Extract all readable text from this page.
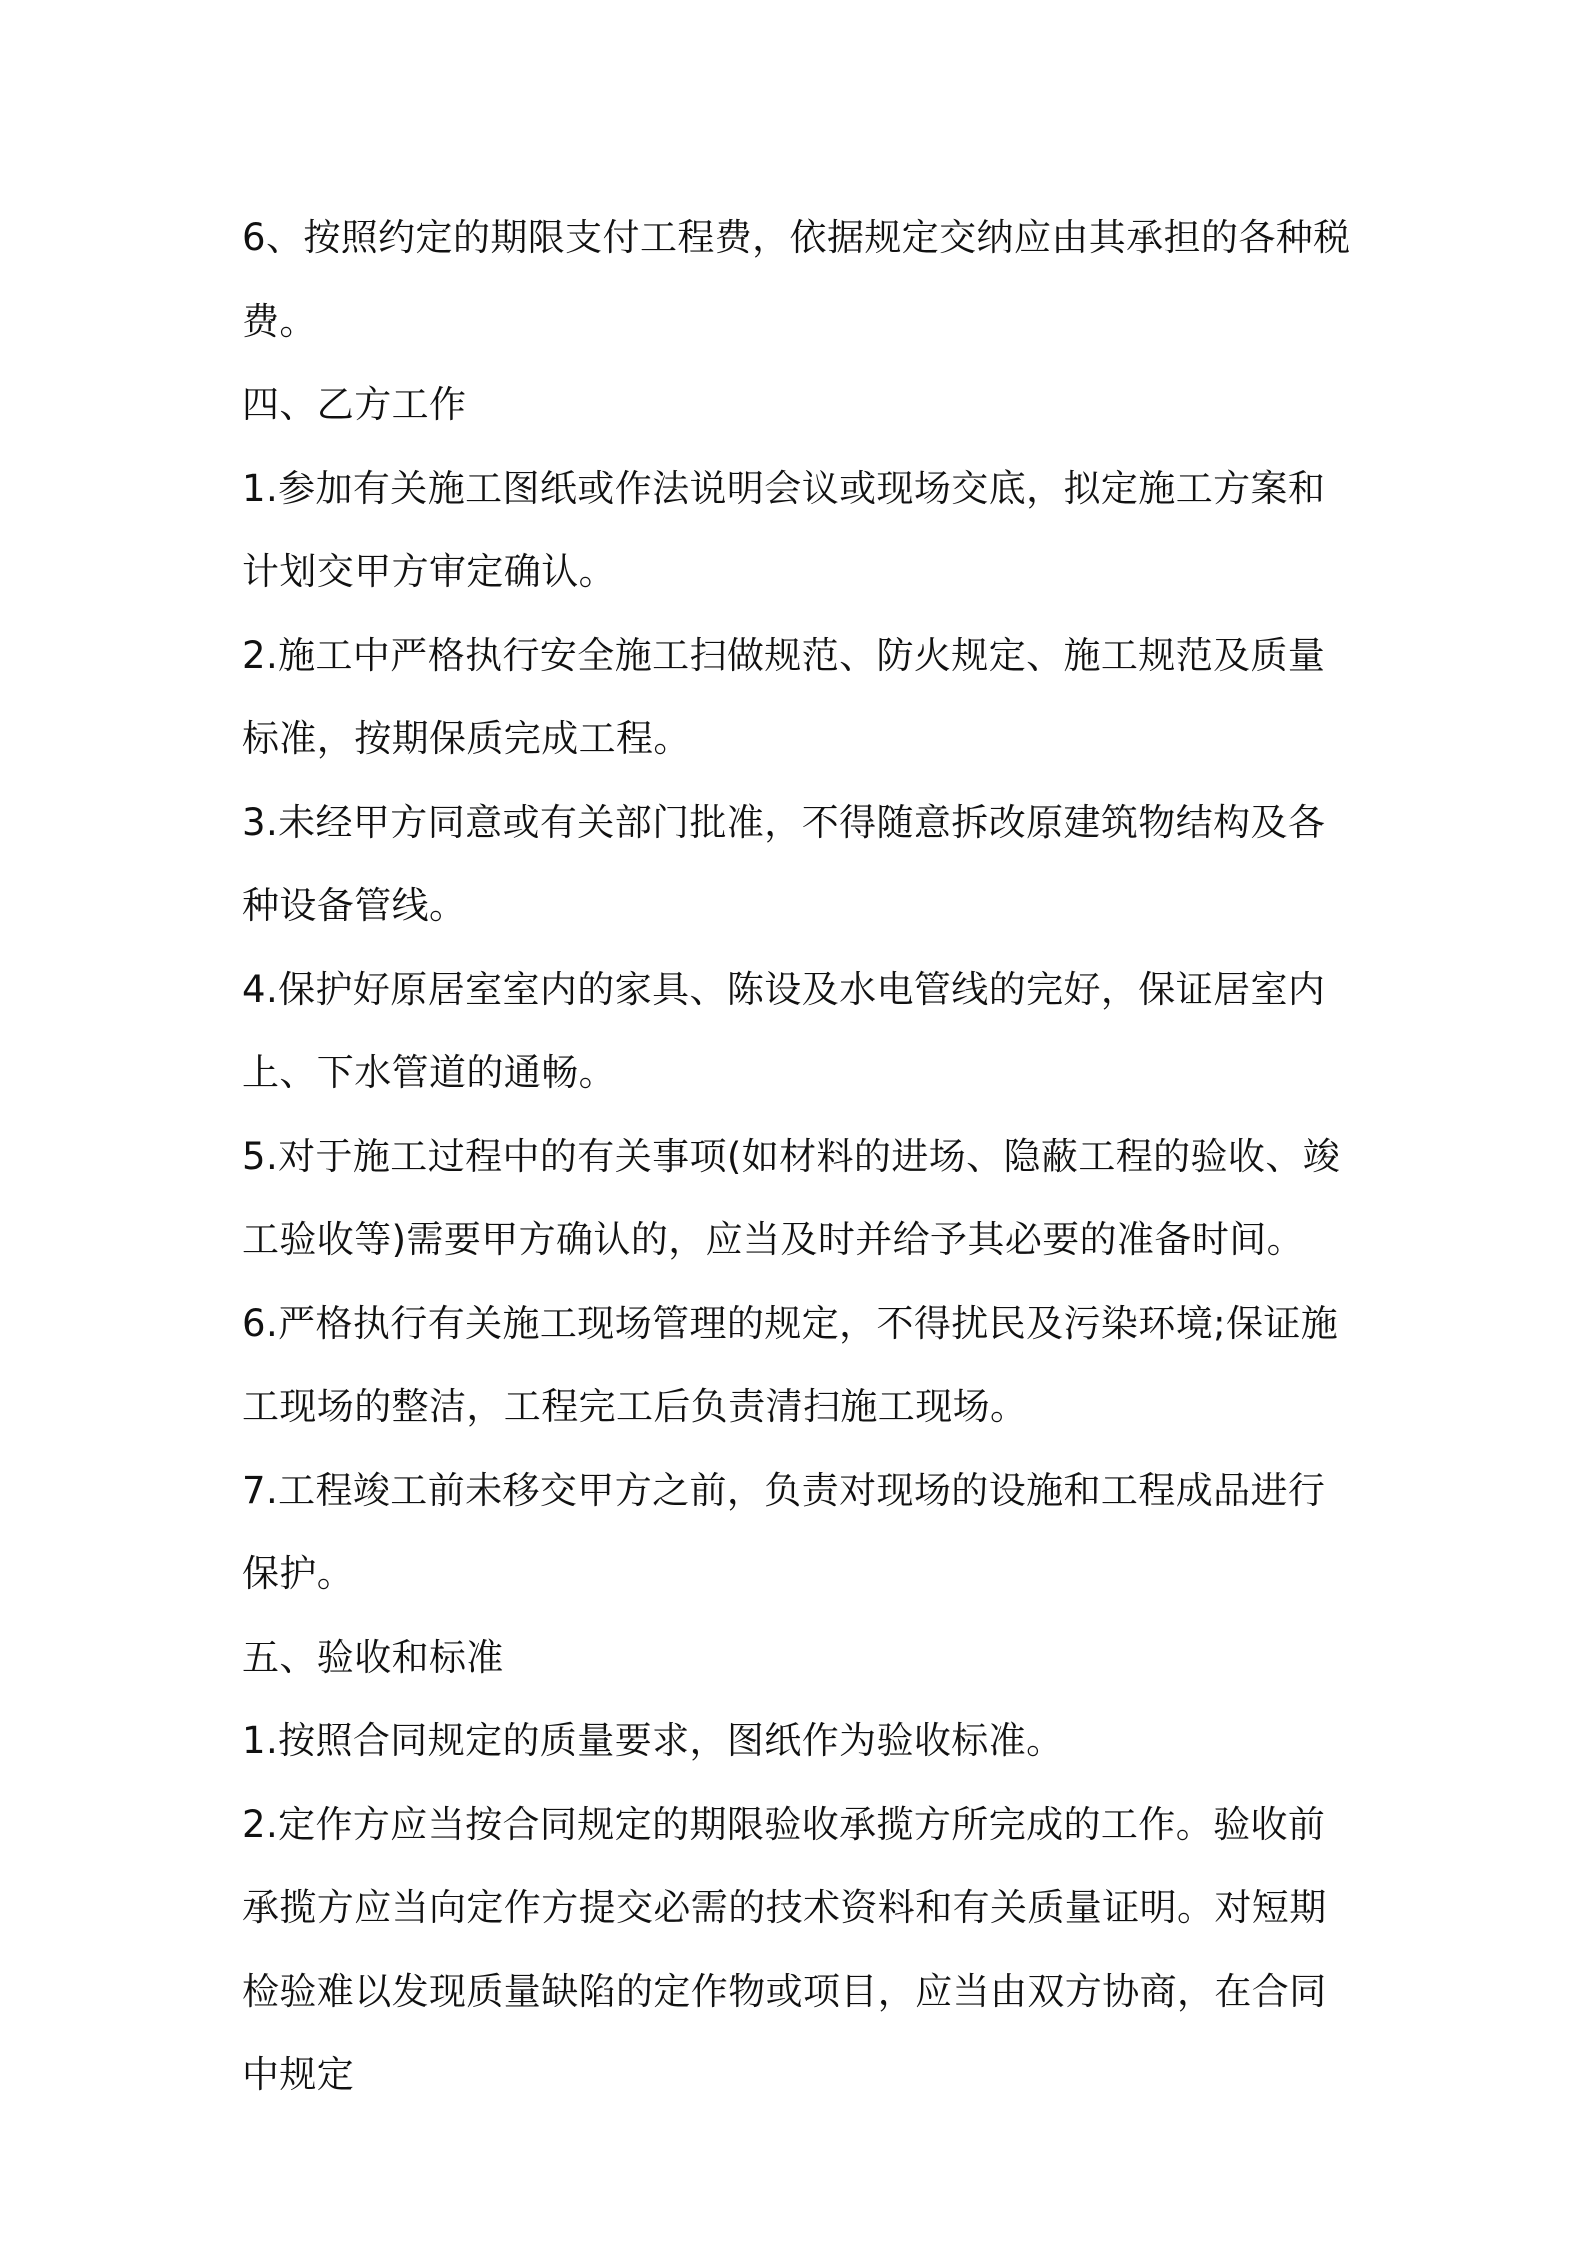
6、按照约定的期限支付工程费，依据规定交纳应由其承担的各种税费。

四、乙方工作

1.参加有关施工图纸或作法说明会议或现场交底，拟定施工方案和计划交甲方审定确认。

2.施工中严格执行安全施工扫做规范、防火规定、施工规范及质量标准，按期保质完成工程。

3.未经甲方同意或有关部门批准，不得随意拆改原建筑物结构及各种设备管线。

4.保护好原居室室内的家具、陈设及水电管线的完好，保证居室内上、下水管道的通畅。

5.对于施工过程中的有关事项(如材料的进场、隐蔽工程的验收、竣工验收等)需要甲方确认的，应当及时并给予其必要的准备时间。

6.严格执行有关施工现场管理的规定，不得扰民及污染环境;保证施工现场的整洁，工程完工后负责清扫施工现场。

7.工程竣工前未移交甲方之前，负责对现场的设施和工程成品进行保护。

五、验收和标准

1.按照合同规定的质量要求，图纸作为验收标准。

2.定作方应当按合同规定的期限验收承揽方所完成的工作。验收前承揽方应当向定作方提交必需的技术资料和有关质量证明。对短期检验难以发现质量缺陷的定作物或项目，应当由双方协商，在合同中规定
